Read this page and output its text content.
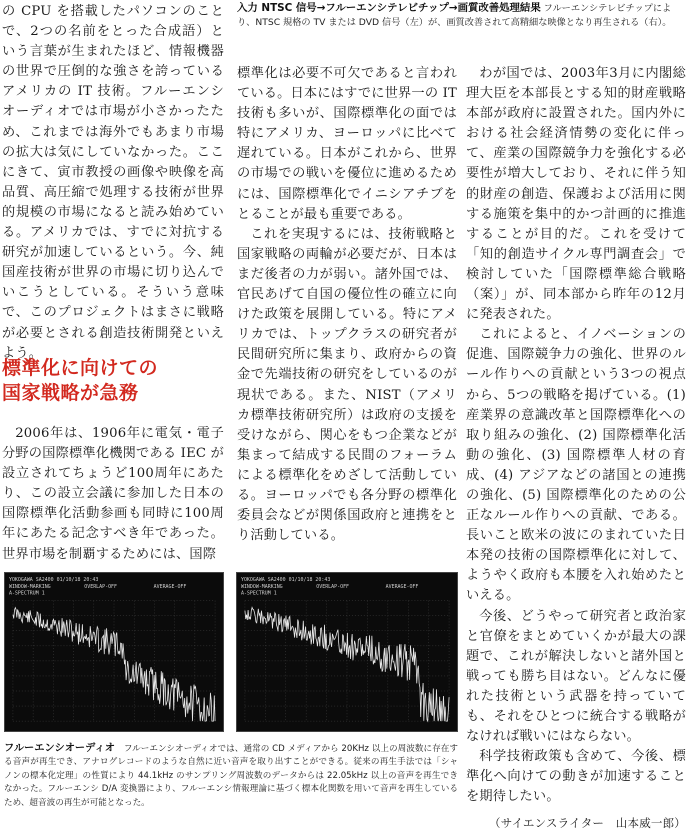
の CPU を搭載したパソコンのことで、2つの名前をとった合成語）という言葉が生まれたほど、情報機器の世界で圧倒的な強さを誇っているアメリカの IT 技術。フルーエンシオーディオでは市場が小さかったため、これまでは海外でもあまり市場の拡大は気にしていなかった。ここにきて、寅市教授の画像や映像を高品質、高圧縮で処理する技術が世界的規模の市場になると読み始めている。アメリカでは、すでに対抗する研究が加速しているという。今、純国産技術が世界の市場に切り込んでいこうとしている。そういう意味で、このプロジェクトはまさに戦略が必要とされる創造技術開発といえよう。

標準化に向けての
国家戦略が急務

2006年は、1906年に電気・電子分野の国際標準化機関である IEC が設立されてちょうど100周年にあたり、この設立会議に参加した日本の国際標準化活動参画も同時に100周年にあたる記念すべき年であった。世界市場を制覇するためには、国際

入力 NTSC 信号→フルーエンシテレビチップ→画質改善処理結果 フルーエンシテレビチップにより、NTSC 規格の TV または DVD 信号（左）が、画質改善されて高精細な映像となり再生される（右）。

標準化は必要不可欠であると言われている。日本にはすでに世界一の IT 技術も多いが、国際標準化の面では特にアメリカ、ヨーロッパに比べて遅れている。日本がこれから、世界の市場での戦いを優位に進めるためには、国際標準化でイニシアチブをとることが最も重要である。

これを実現するには、技術戦略と国家戦略の両輪が必要だが、日本はまだ後者の力が弱い。諸外国では、官民あげて自国の優位性の確立に向けた政策を展開している。特にアメリカでは、トップクラスの研究者が民間研究所に集まり、政府からの資金で先端技術の研究をしているのが現状である。また、NIST（アメリカ標準技術研究所）は政府の支援を受けながら、関心をもつ企業などが集まって結成する民間のフォーラムによる標準化をめざして活動している。ヨーロッパでも各分野の標準化委員会などが関係国政府と連携をとり活動している。

わが国では、2003年3月に内閣総理大臣を本部長とする知的財産戦略本部が政府に設置された。国内外における社会経済情勢の変化に伴って、産業の国際競争力を強化する必要性が増大しており、それに伴う知的財産の創造、保護および活用に関する施策を集中的かつ計画的に推進することが目的だ。これを受けて「知的創造サイクル専門調査会」で検討していた「国際標準総合戦略（案）」が、同本部から昨年の12月に発表された。

これによると、イノベーションの促進、国際競争力の強化、世界のルール作りへの貢献という3つの視点から、5つの戦略を掲げている。(1) 産業界の意識改革と国際標準化への取り組みの強化、(2) 国際標準化活動の強化、(3) 国際標準人材の育成、(4) アジアなどの諸国との連携の強化、(5) 国際標準化のための公正なルール作りへの貢献、である。長いこと欧米の波にのまれていた日本発の技術の国際標準化に対して、ようやく政府も本腰を入れ始めたといえる。

今後、どうやって研究者と政治家と官僚をまとめていくかが最大の課題で、これが解決しないと諸外国と戦っても勝ち目はない。どんなに優れた技術という武器を持っていても、それをひとつに統合する戦略がなければ戦いにはならない。

科学技術政策も含めて、今後、標準化へ向けての動きが加速することを期待したい。

（サイエンスライター　山本威一郎）
YOKOGAWA SA2400 01/10/18 20:43
WINDOW-MARKING	OVERLAP-OFF	AVERAGE-OFF
A-SPECTRUM 1
YOKOGAWA SA2400 01/10/18 20:43
WINDOW-MARKING	OVERLAP-OFF	AVERAGE-OFF
A-SPECTRUM 1
フルーエンシオーディオ フルーエンシオーディオでは、通常の CD メディアから 20KHz 以上の周波数に存在する音声が再生でき、アナログレコードのような自然に近い音声を取り出すことができる。従来の再生手法では「シャノンの標本化定理」の性質により 44.1kHz のサンプリング周波数のデータからは 22.05kHz 以上の音声を再生できなかった。フルーエンシ D/A 変換器により、フルーエンシ情報理論に基づく標本化関数を用いて音声を再生しているため、超音波の再生が可能となった。
